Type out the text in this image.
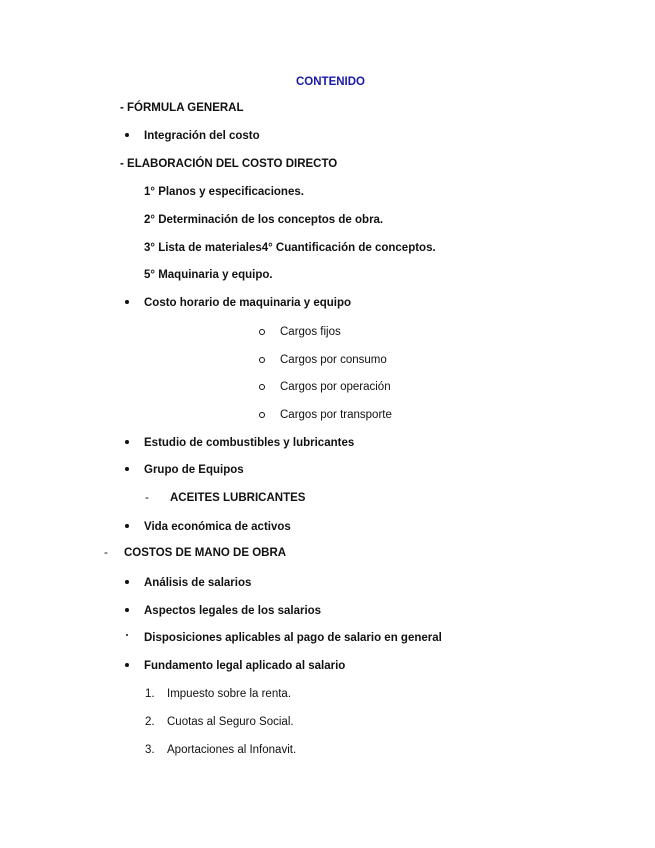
CONTENIDO
- FÓRMULA GENERAL
Integración del costo
- ELABORACIÓN DEL COSTO DIRECTO
1° Planos y especificaciones.
2° Determinación de los conceptos de obra.
3° Lista de materiales4° Cuantificación de conceptos.
5° Maquinaria y equipo.
Costo horario de maquinaria y equipo
Cargos fijos
Cargos por consumo
Cargos por operación
Cargos por transporte
Estudio de combustibles y lubricantes
Grupo de Equipos
- ACEITES LUBRICANTES
Vida económica de activos
- COSTOS DE MANO DE OBRA
Análisis de salarios
Aspectos legales de los salarios
Disposiciones aplicables al pago de salario en general
Fundamento legal aplicado al salario
1. Impuesto sobre la renta.
2. Cuotas al Seguro Social.
3. Aportaciones al Infonavit.
